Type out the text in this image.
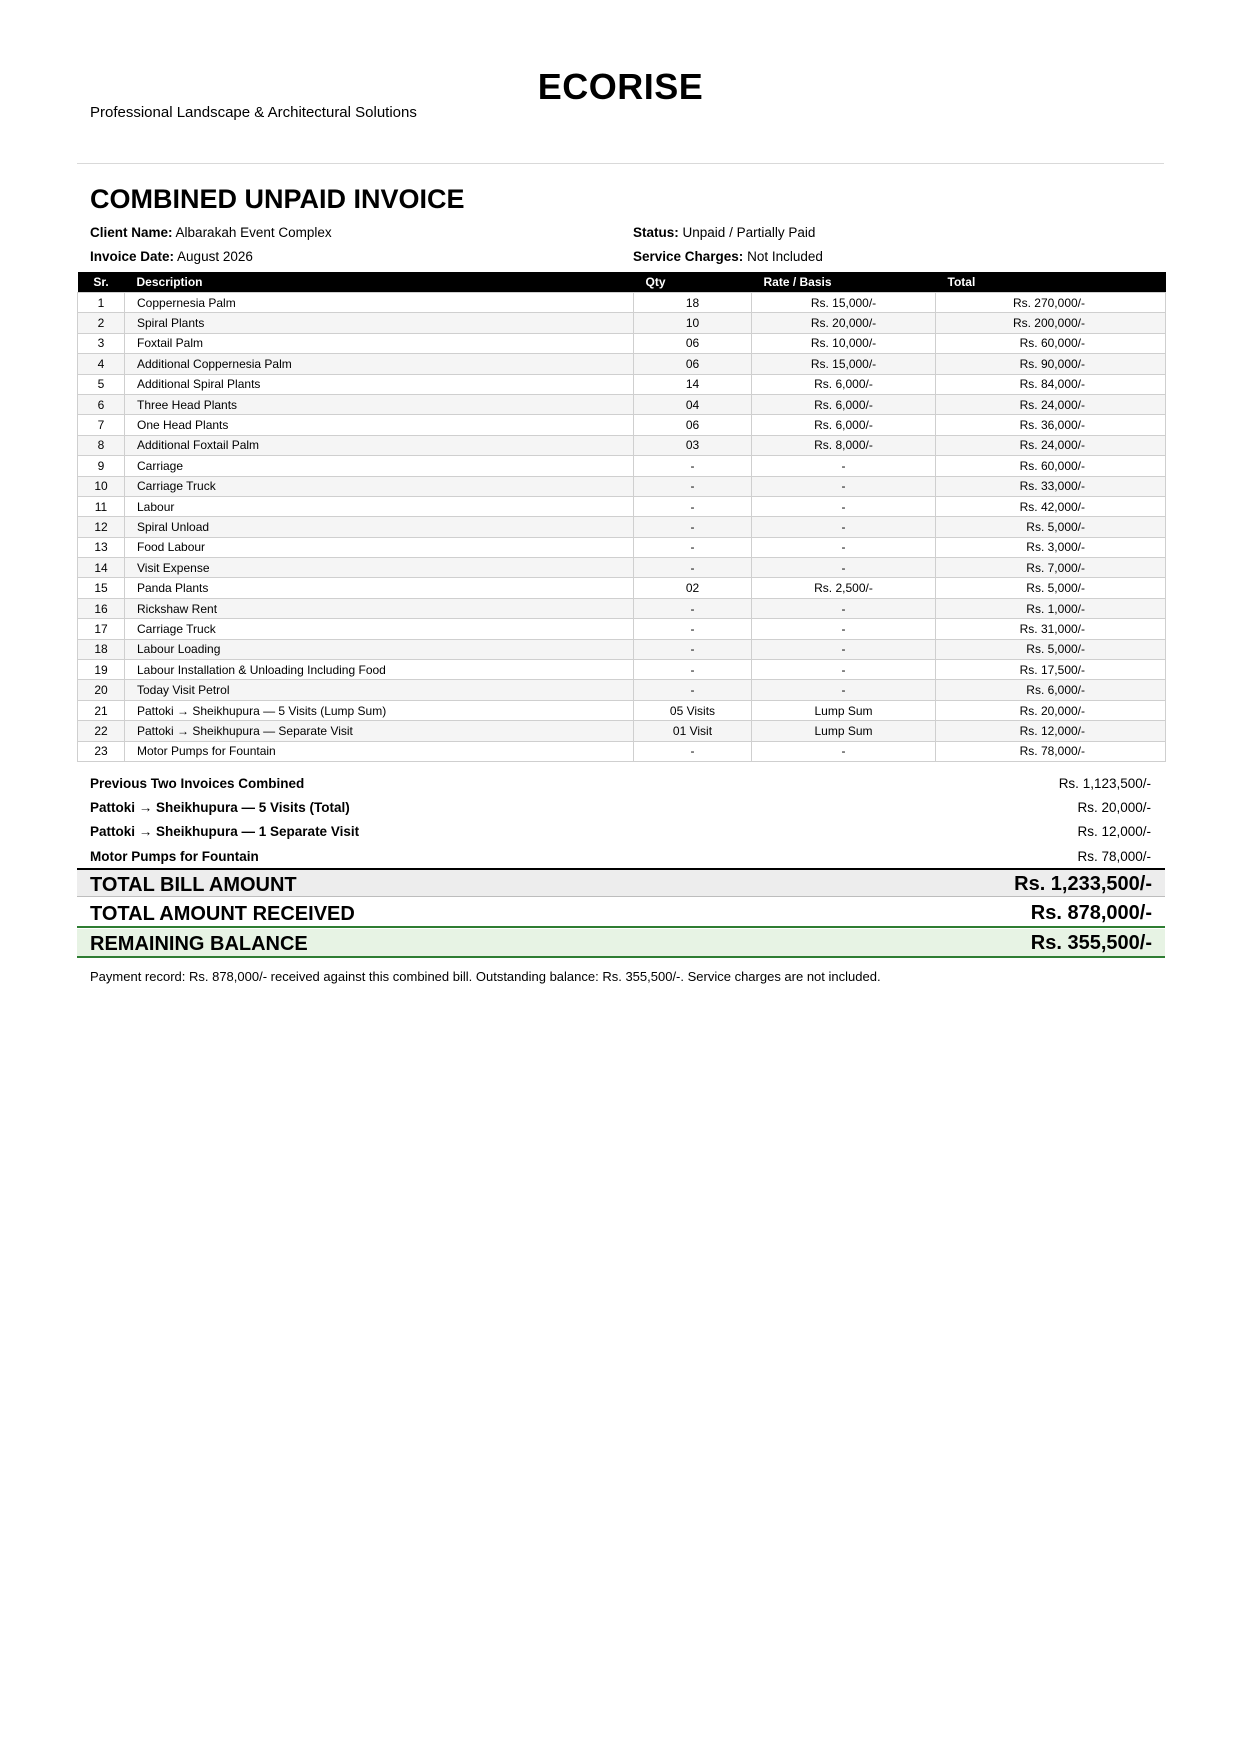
ECORISE
Professional Landscape & Architectural Solutions
COMBINED UNPAID INVOICE
Client Name: Albarakah Event Complex	Status: Unpaid / Partially Paid
Invoice Date: August 2026	Service Charges: Not Included
Sr.	Description	Qty	Rate / Basis	Total
1	Coppernesia Palm	18	Rs. 15,000/-	Rs. 270,000/-
2	Spiral Plants	10	Rs. 20,000/-	Rs. 200,000/-
3	Foxtail Palm	06	Rs. 10,000/-	Rs. 60,000/-
4	Additional Coppernesia Palm	06	Rs. 15,000/-	Rs. 90,000/-
5	Additional Spiral Plants	14	Rs. 6,000/-	Rs. 84,000/-
6	Three Head Plants	04	Rs. 6,000/-	Rs. 24,000/-
7	One Head Plants	06	Rs. 6,000/-	Rs. 36,000/-
8	Additional Foxtail Palm	03	Rs. 8,000/-	Rs. 24,000/-
9	Carriage	-	-	Rs. 60,000/-
10	Carriage Truck	-	-	Rs. 33,000/-
11	Labour	-	-	Rs. 42,000/-
12	Spiral Unload	-	-	Rs. 5,000/-
13	Food Labour	-	-	Rs. 3,000/-
14	Visit Expense	-	-	Rs. 7,000/-
15	Panda Plants	02	Rs. 2,500/-	Rs. 5,000/-
16	Rickshaw Rent	-	-	Rs. 1,000/-
17	Carriage Truck	-	-	Rs. 31,000/-
18	Labour Loading	-	-	Rs. 5,000/-
19	Labour Installation & Unloading Including Food	-	-	Rs. 17,500/-
20	Today Visit Petrol	-	-	Rs. 6,000/-
21	Pattoki → Sheikhupura — 5 Visits (Lump Sum)	05 Visits	Lump Sum	Rs. 20,000/-
22	Pattoki → Sheikhupura — Separate Visit	01 Visit	Lump Sum	Rs. 12,000/-
23	Motor Pumps for Fountain	-	-	Rs. 78,000/-
Previous Two Invoices Combined	Rs. 1,123,500/-
Pattoki → Sheikhupura — 5 Visits (Total)	Rs. 20,000/-
Pattoki → Sheikhupura — 1 Separate Visit	Rs. 12,000/-
Motor Pumps for Fountain	Rs. 78,000/-
TOTAL BILL AMOUNT	Rs. 1,233,500/-
TOTAL AMOUNT RECEIVED	Rs. 878,000/-
REMAINING BALANCE	Rs. 355,500/-
Payment record: Rs. 878,000/- received against this combined bill. Outstanding balance: Rs. 355,500/-. Service charges are not included.
